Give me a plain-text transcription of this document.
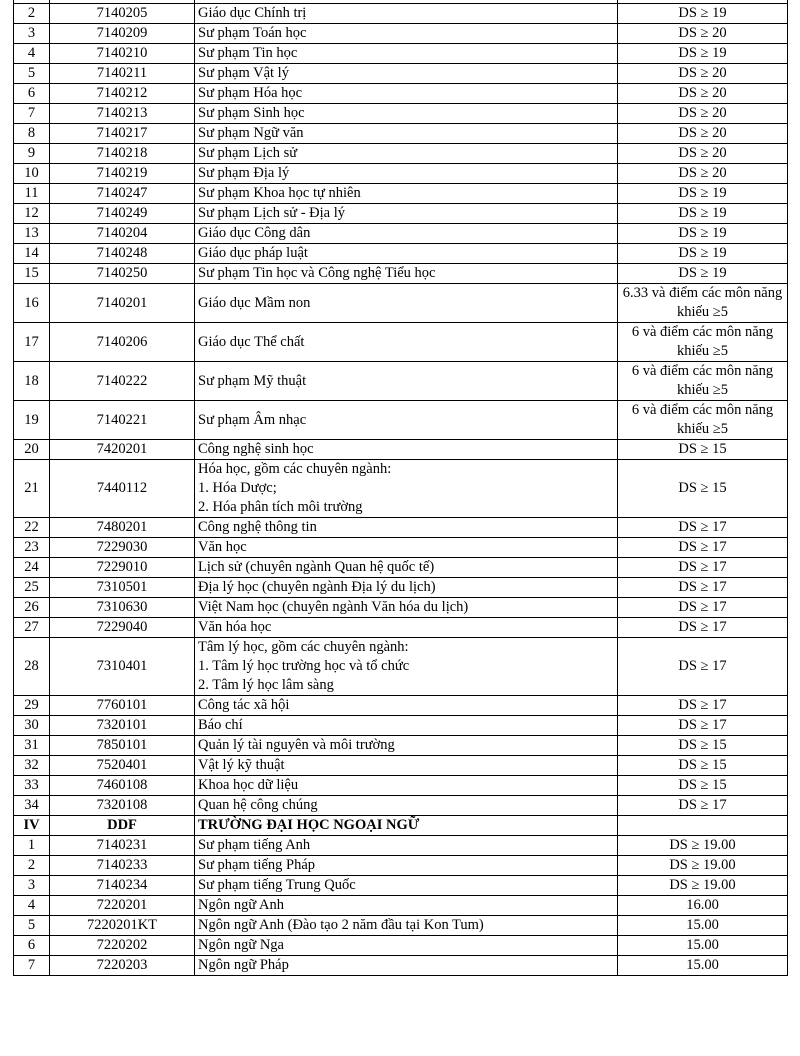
2	7140205	Giáo dục Chính trị	DS ≥ 19
3	7140209	Sư phạm Toán học	DS ≥ 20
4	7140210	Sư phạm Tin học	DS ≥ 19
5	7140211	Sư phạm Vật lý	DS ≥ 20
6	7140212	Sư phạm Hóa học	DS ≥ 20
7	7140213	Sư phạm Sinh học	DS ≥ 20
8	7140217	Sư phạm Ngữ văn	DS ≥ 20
9	7140218	Sư phạm Lịch sử	DS ≥ 20
10	7140219	Sư phạm Địa lý	DS ≥ 20
11	7140247	Sư phạm Khoa học tự nhiên	DS ≥ 19
12	7140249	Sư phạm Lịch sử - Địa lý	DS ≥ 19
13	7140204	Giáo dục Công dân	DS ≥ 19
14	7140248	Giáo dục pháp luật	DS ≥ 19
15	7140250	Sư phạm Tin học và Công nghệ Tiểu học	DS ≥ 19
16	7140201	Giáo dục Mầm non	6.33 và điểm các môn năng khiếu ≥5
17	7140206	Giáo dục Thể chất	6 và điểm các môn năng khiếu ≥5
18	7140222	Sư phạm Mỹ thuật	6 và điểm các môn năng khiếu ≥5
19	7140221	Sư phạm Âm nhạc	6 và điểm các môn năng khiếu ≥5
20	7420201	Công nghệ sinh học	DS ≥ 15
21	7440112	Hóa học, gồm các chuyên ngành:
1. Hóa Dược;
2. Hóa phân tích môi trường	DS ≥ 15
22	7480201	Công nghệ thông tin	DS ≥ 17
23	7229030	Văn học	DS ≥ 17
24	7229010	Lịch sử (chuyên ngành Quan hệ quốc tế)	DS ≥ 17
25	7310501	Địa lý học (chuyên ngành Địa lý du lịch)	DS ≥ 17
26	7310630	Việt Nam học (chuyên ngành Văn hóa du lịch)	DS ≥ 17
27	7229040	Văn hóa học	DS ≥ 17
28	7310401	Tâm lý học, gồm các chuyên ngành:
1. Tâm lý học trường học và tổ chức
2. Tâm lý học lâm sàng	DS ≥ 17
29	7760101	Công tác xã hội	DS ≥ 17
30	7320101	Báo chí	DS ≥ 17
31	7850101	Quản lý tài nguyên và môi trường	DS ≥ 15
32	7520401	Vật lý kỹ thuật	DS ≥ 15
33	7460108	Khoa học dữ liệu	DS ≥ 15
34	7320108	Quan hệ công chúng	DS ≥ 17
IV	DDF	TRƯỜNG ĐẠI HỌC NGOẠI NGỮ	
1	7140231	Sư phạm tiếng Anh	DS ≥ 19.00
2	7140233	Sư phạm tiếng Pháp	DS ≥ 19.00
3	7140234	Sư phạm tiếng Trung Quốc	DS ≥ 19.00
4	7220201	Ngôn ngữ Anh	16.00
5	7220201KT	Ngôn ngữ Anh (Đào tạo 2 năm đầu tại Kon Tum)	15.00
6	7220202	Ngôn ngữ Nga	15.00
7	7220203	Ngôn ngữ Pháp	15.00
